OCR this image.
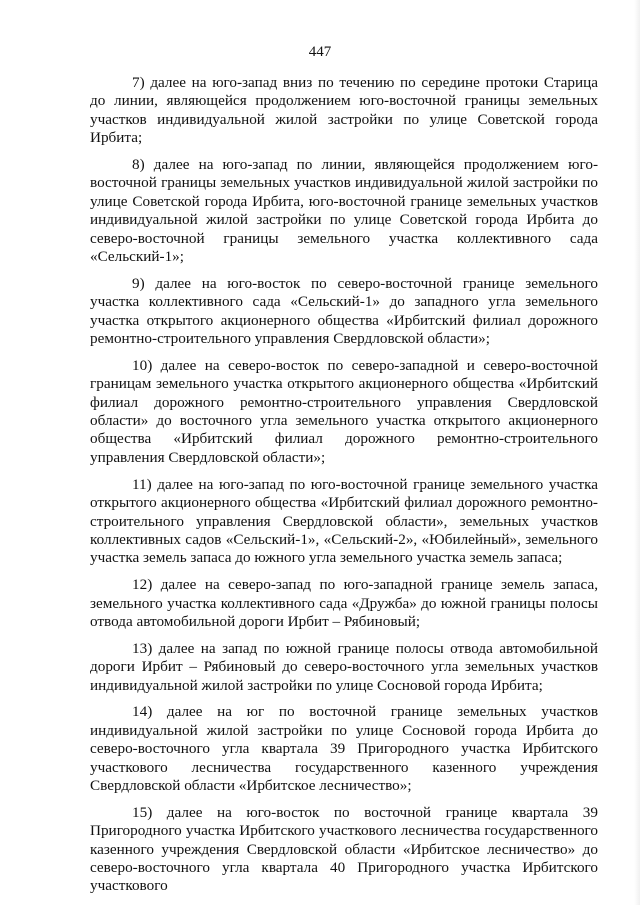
447

7) далее на юго-запад вниз по течению по середине протоки Старица до линии, являющейся продолжением юго-восточной границы земельных участков индивидуальной жилой застройки по улице Советской города Ирбита;

8) далее на юго-запад по линии, являющейся продолжением юго-восточной границы земельных участков индивидуальной жилой застройки по улице Советской города Ирбита, юго-восточной границе земельных участков индивидуальной жилой застройки по улице Советской города Ирбита до северо-восточной границы земельного участка коллективного сада «Сельский-1»;

9) далее на юго-восток по северо-восточной границе земельного участка коллективного сада «Сельский-1» до западного угла земельного участка открытого акционерного общества «Ирбитский филиал дорожного ремонтно-строительного управления Свердловской области»;

10) далее на северо-восток по северо-западной и северо-восточной границам земельного участка открытого акционерного общества «Ирбитский филиал дорожного ремонтно-строительного управления Свердловской области» до восточного угла земельного участка открытого акционерного общества «Ирбитский филиал дорожного ремонтно-строительного управления Свердловской области»;

11) далее на юго-запад по юго-восточной границе земельного участка открытого акционерного общества «Ирбитский филиал дорожного ремонтно-строительного управления Свердловской области», земельных участков коллективных садов «Сельский-1», «Сельский-2», «Юбилейный», земельного участка земель запаса до южного угла земельного участка земель запаса;

12) далее на северо-запад по юго-западной границе земель запаса, земельного участка коллективного сада «Дружба» до южной границы полосы отвода автомобильной дороги Ирбит – Рябиновый;

13) далее на запад по южной границе полосы отвода автомобильной дороги Ирбит – Рябиновый до северо-восточного угла земельных участков индивидуальной жилой застройки по улице Сосновой города Ирбита;

14) далее на юг по восточной границе земельных участков индивидуальной жилой застройки по улице Сосновой города Ирбита до северо-восточного угла квартала 39 Пригородного участка Ирбитского участкового лесничества государственного казенного учреждения Свердловской области «Ирбитское лесничество»;

15) далее на юго-восток по восточной границе квартала 39 Пригородного участка Ирбитского участкового лесничества государственного казенного учреждения Свердловской области «Ирбитское лесничество» до северо-восточного угла квартала 40 Пригородного участка Ирбитского участкового
